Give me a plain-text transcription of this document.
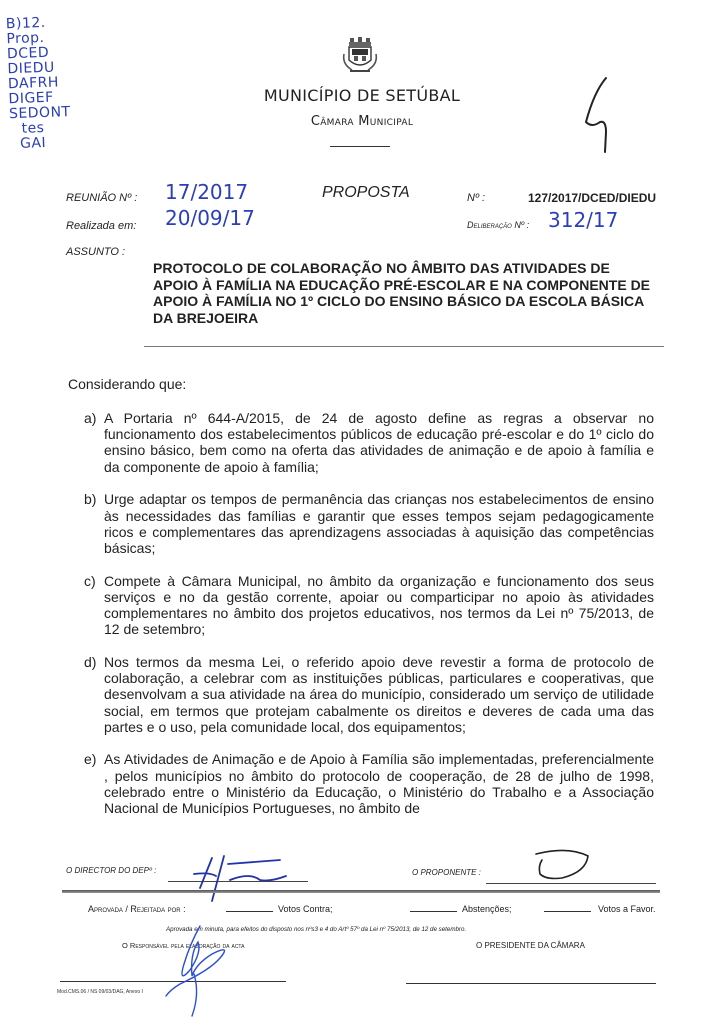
B)12.
Prop.
DCED
DIEDU
DAFRH
DIGEF
SEDONT
tes
GAI
MUNICÍPIO DE SETÚBAL
Câmara Municipal
REUNIÃO Nº : 17/2017
Realizada em: 20/09/17
ASSUNTO :
PROPOSTA	Nº :	127/2017/DCED/DIEDU
Deliberação Nº : 312/17
PROTOCOLO DE COLABORAÇÃO NO ÂMBITO DAS ATIVIDADES DE APOIO À FAMÍLIA NA EDUCAÇÃO PRÉ-ESCOLAR E NA COMPONENTE DE APOIO À FAMÍLIA NO 1º CICLO DO ENSINO BÁSICO DA ESCOLA BÁSICA DA BREJOEIRA
Considerando que:
a) A Portaria nº 644-A/2015, de 24 de agosto define as regras a observar no funcionamento dos estabelecimentos públicos de educação pré-escolar e do 1º ciclo do ensino básico, bem como na oferta das atividades de animação e de apoio à família e da componente de apoio à família;
b) Urge adaptar os tempos de permanência das crianças nos estabelecimentos de ensino às necessidades das famílias e garantir que esses tempos sejam pedagogicamente ricos e complementares das aprendizagens associadas à aquisição das competências básicas;
c) Compete à Câmara Municipal, no âmbito da organização e funcionamento dos seus serviços e no da gestão corrente, apoiar ou comparticipar no apoio às atividades complementares no âmbito dos projetos educativos, nos termos da Lei nº 75/2013, de 12 de setembro;
d) Nos termos da mesma Lei, o referido apoio deve revestir a forma de protocolo de colaboração, a celebrar com as instituições públicas, particulares e cooperativas, que desenvolvam a sua atividade na área do município, considerado um serviço de utilidade social, em termos que protejam cabalmente os direitos e deveres de cada uma das partes e o uso, pela comunidade local, dos equipamentos;
e) As Atividades de Animação e de Apoio à Família são implementadas, preferencialmente , pelos municípios no âmbito do protocolo de cooperação, de 28 de julho de 1998, celebrado entre o Ministério da Educação, o Ministério do Trabalho e a Associação Nacional de Municípios Portugueses, no âmbito de
O DIRECTOR DO DEPº :	O PROPONENTE :
Aprovada / Rejeitada por :	Votos Contra;	Abstenções;	Votos a Favor.
Aprovada em minuta, para efeitos do disposto nos nºs3 e 4 do Artº 57º da Lei nº 75/2013, de 12 de setembro.
O Responsável pela elaboração da acta	O PRESIDENTE DA CÂMARA
Mod.CMS.06 / NS 09/03/DAG, Anexo I
